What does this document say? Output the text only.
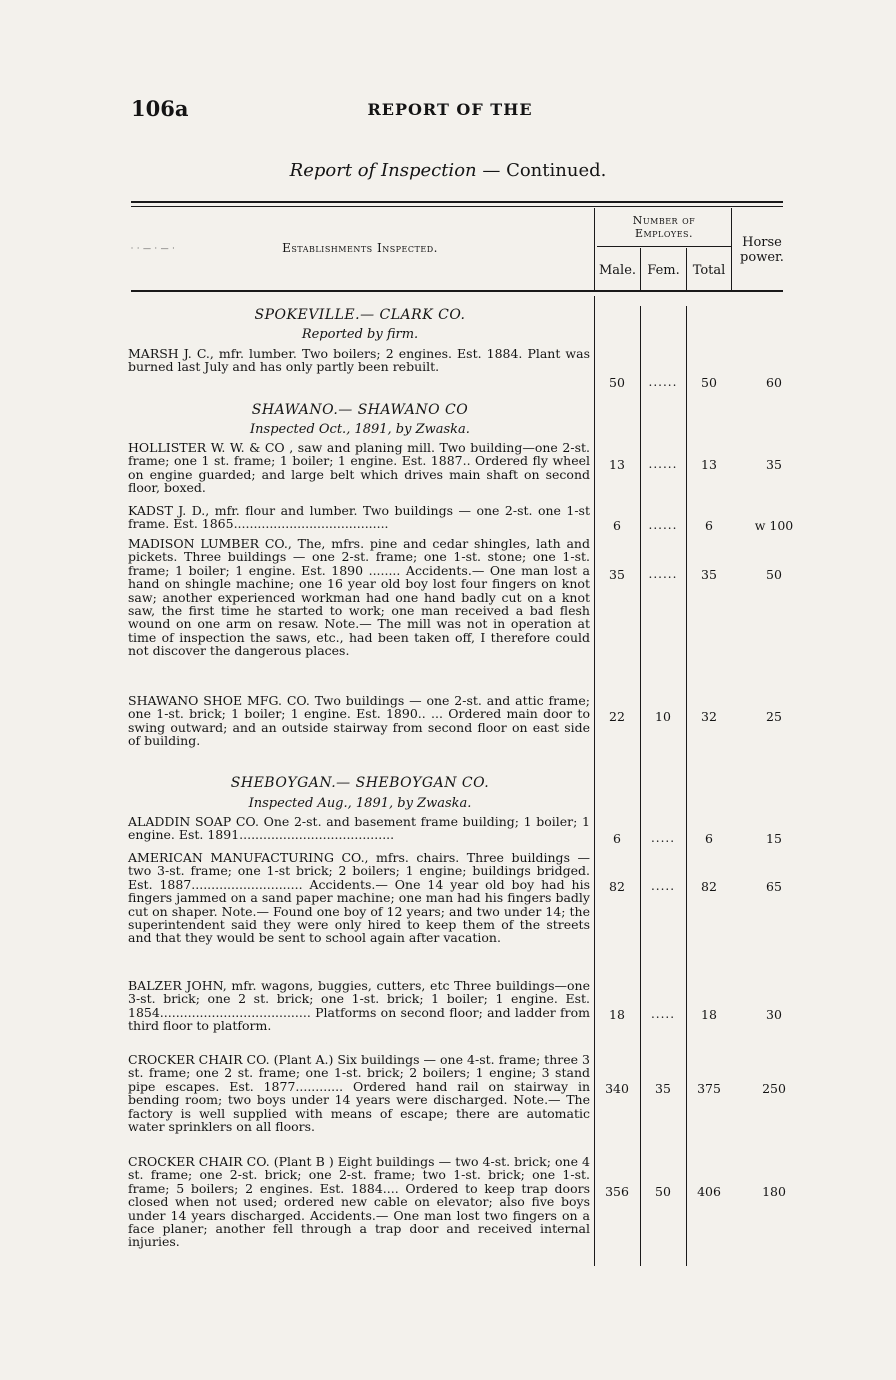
106a	REPORT OF THE
Report of Inspection — Continued.
· · — · — ·	Establishments Inspected.
Number of Employes.
Male. Fem. Total
Horse power.
SPOKEVILLE.— CLARK CO.
Reported by firm.
MARSH J. C., mfr. lumber. Two boilers; 2 engines. Est. 1884. Plant was burned last July and has only partly been rebuilt.
50	......	50	60
SHAWANO.— SHAWANO CO
Inspected Oct., 1891, by Zwaska.
HOLLISTER W. W. & CO , saw and planing mill. Two building—one 2-st. frame; one 1 st. frame; 1 boiler; 1 engine. Est. 1887.. Ordered fly wheel on engine guarded; and large belt which drives main shaft on second floor, boxed.
13	......	13	35
KADST J. D., mfr. flour and lumber. Two buildings — one 2-st. one 1-st frame. Est. 1865.......................................	6	......	6	w 100
MADISON LUMBER CO., The, mfrs. pine and cedar shingles, lath and pickets. Three buildings — one 2-st. frame; one 1-st. stone; one 1-st. frame; 1 boiler; 1 engine. Est. 1890 ........ Accidents.— One man lost a hand on shingle machine; one 16 year old boy lost four fingers on knot saw; another experienced workman had one hand badly cut on a knot saw, the first time he started to work; one man received a bad flesh wound on one arm on resaw. Note.— The mill was not in operation at time of inspection the saws, etc., had been taken off, I therefore could not discover the dangerous places.
35	......	35	50
SHAWANO SHOE MFG. CO. Two buildings — one 2-st. and attic frame; one 1-st. brick; 1 boiler; 1 engine. Est. 1890.. ... Ordered main door to swing outward; and an outside stairway from second floor on east side of building.
22	10	32	25
SHEBOYGAN.— SHEBOYGAN CO.
Inspected Aug., 1891, by Zwaska.
ALADDIN SOAP CO. One 2-st. and basement frame building; 1 boiler; 1 engine. Est. 1891.......................................	6	.....	6	15
AMERICAN MANUFACTURING CO., mfrs. chairs. Three buildings — two 3-st. frame; one 1-st brick; 2 boilers; 1 engine; buildings bridged. Est. 1887............................ Accidents.— One 14 year old boy had his fingers jammed on a sand paper machine; one man had his fingers badly cut on shaper. Note.— Found one boy of 12 years; and two under 14; the superintendent said they were only hired to keep them of the streets and that they would be sent to school again after vacation.
82	.....	82	65
BALZER JOHN, mfr. wagons, buggies, cutters, etc Three buildings—one 3-st. brick; one 2 st. brick; one 1-st. brick; 1 boiler; 1 engine. Est. 1854...................................... Platforms on second floor; and ladder from third floor to platform.
18	.....	18	30
CROCKER CHAIR CO. (Plant A.) Six buildings — one 4-st. frame; three 3 st. frame; one 2 st. frame; one 1-st. brick; 2 boilers; 1 engine; 3 stand pipe escapes. Est. 1877............ Ordered hand rail on stairway in bending room; two boys under 14 years were discharged. Note.— The factory is well supplied with means of escape; there are automatic water sprinklers on all floors.
340	35	375	250
CROCKER CHAIR CO. (Plant B ) Eight buildings — two 4-st. brick; one 4 st. frame; one 2-st. brick; one 2-st. frame; two 1-st. brick; one 1-st. frame; 5 boilers; 2 engines. Est. 1884.... Ordered to keep trap doors closed when not used; ordered new cable on elevator; also five boys under 14 years discharged. Accidents.— One man lost two fingers on a face planer; another fell through a trap door and received internal injuries.
356	50	406	180
